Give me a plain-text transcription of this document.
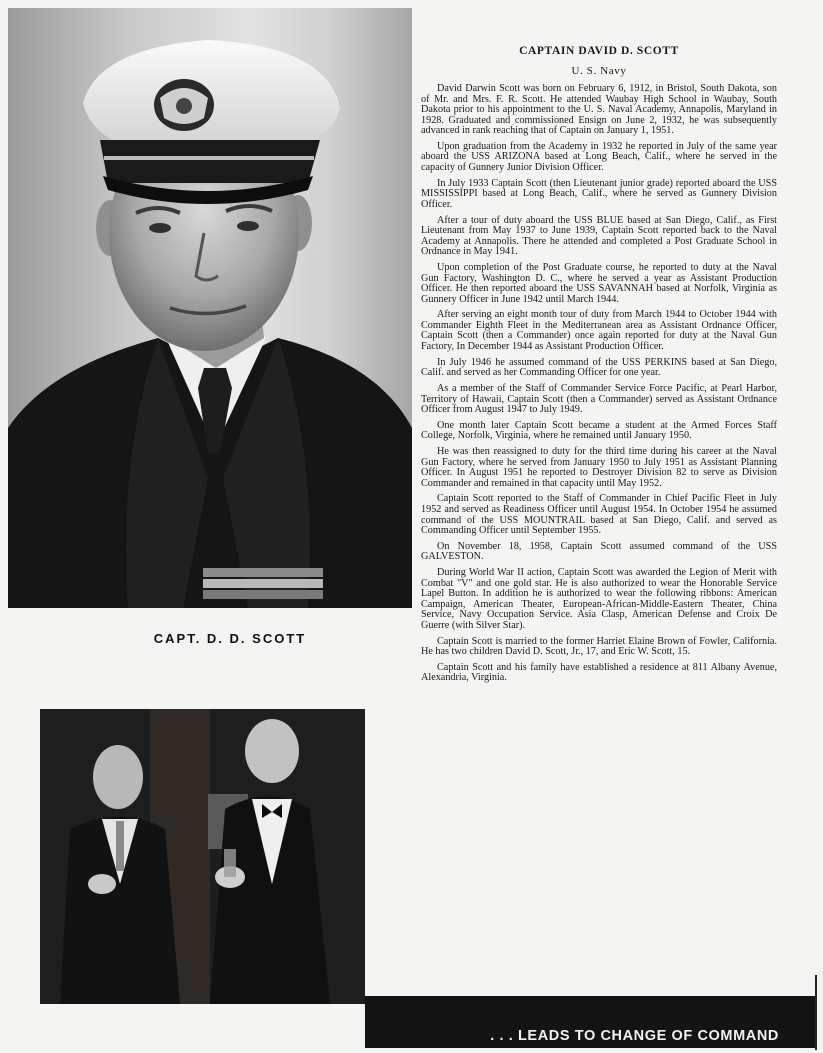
CAPT. D. D. SCOTT
CAPTAIN DAVID D. SCOTT
U. S. Navy

David Darwin Scott was born on February 6, 1912, in Bristol, South Dakota, son of Mr. and Mrs. F. R. Scott. He attended Waubay High School in Waubay, South Dakota prior to his appointment to the U. S. Naval Academy, Annapolis, Maryland in 1928. Graduated and commissioned Ensign on June 2, 1932, he was subsequently advanced in rank reaching that of Captain on January 1, 1951.

Upon graduation from the Academy in 1932 he reported in July of the same year aboard the USS ARIZONA based at Long Beach, Calif., where he served in the capacity of Gunnery Junior Division Officer.

In July 1933 Captain Scott (then Lieutenant junior grade) reported aboard the USS MISSISSIPPI based at Long Beach, Calif., where he served as Gunnery Division Officer.

After a tour of duty aboard the USS BLUE based at San Diego, Calif., as First Lieutenant from May 1937 to June 1939, Captain Scott reported back to the Naval Academy at Annapolis. There he attended and completed a Post Graduate School in Ordnance in May 1941.

Upon completion of the Post Graduate course, he reported to duty at the Naval Gun Factory, Washington D. C., where he served a year as Assistant Production Officer. He then reported aboard the USS SAVANNAH based at Norfolk, Virginia as Gunnery Officer in June 1942 until March 1944.

After serving an eight month tour of duty from March 1944 to October 1944 with Commander Eighth Fleet in the Mediterranean area as Assistant Ordnance Officer, Captain Scott (then a Commander) once again reported for duty at the Naval Gun Factory, In December 1944 as Assistant Production Officer.

In July 1946 he assumed command of the USS PERKINS based at San Diego, Calif. and served as her Commanding Officer for one year.

As a member of the Staff of Commander Service Force Pacific, at Pearl Harbor, Territory of Hawaii, Captain Scott (then a Commander) served as Assistant Ordnance Officer from August 1947 to July 1949.

One month later Captain Scott became a student at the Armed Forces Staff College, Norfolk, Virginia, where he remained until January 1950.

He was then reassigned to duty for the third time during his career at the Naval Gun Factory, where he served from January 1950 to July 1951 as Assistant Planning Officer. In August 1951 he reported to Destroyer Division 82 to serve as Division Commander and remained in that capacity until May 1952.

Captain Scott reported to the Staff of Commander in Chief Pacific Fleet in July 1952 and served as Readiness Officer until August 1954. In October 1954 he assumed command of the USS MOUNTRAIL based at San Diego, Calif. and served as Commanding Officer until September 1955.

On November 18, 1958, Captain Scott assumed command of the USS GALVESTON.

During World War II action, Captain Scott was awarded the Legion of Merit with Combat "V" and one gold star. He is also authorized to wear the Honorable Service Lapel Button. In addition he is authorized to wear the following ribbons: American Campaign, American Theater, European-African-Middle-Eastern Theater, China Service, Navy Occupation Service. Asia Clasp, American Defense and Croix De Guerre (with Silver Star).

Captain Scott is married to the former Harriet Elaine Brown of Fowler, California. He has two children David D. Scott, Jr., 17, and Eric W. Scott, 15.

Captain Scott and his family have established a residence at 811 Albany Avenue, Alexandria, Virginia.

. . . LEADS TO CHANGE OF COMMAND
